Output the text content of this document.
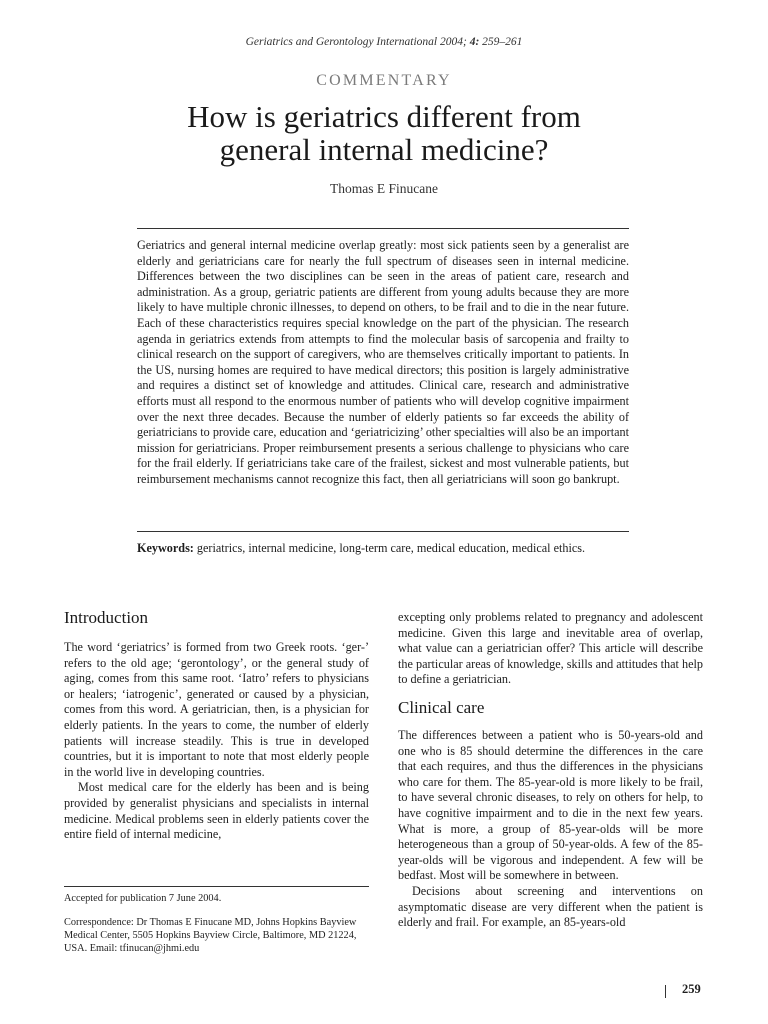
Geriatrics and Gerontology International 2004; 4: 259–261
COMMENTARY
How is geriatrics different from
general internal medicine?
Thomas E Finucane

Geriatrics and general internal medicine overlap greatly: most sick patients seen by a generalist are elderly and geriatricians care for nearly the full spectrum of diseases seen in internal medicine. Differences between the two disciplines can be seen in the areas of patient care, research and administration. As a group, geriatric patients are different from young adults because they are more likely to have multiple chronic illnesses, to depend on others, to be frail and to die in the near future. Each of these characteristics requires special knowledge on the part of the physician. The research agenda in geriatrics extends from attempts to find the molecular basis of sarcopenia and frailty to clinical research on the support of caregivers, who are themselves critically important to patients. In the US, nursing homes are required to have medical directors; this position is largely administrative and requires a distinct set of knowledge and attitudes. Clinical care, research and administrative efforts must all respond to the enormous number of patients who will develop cognitive impairment over the next three decades. Because the number of elderly patients so far exceeds the ability of geriatricians to provide care, education and ‘geriatricizing’ other specialties will also be an important mission for geriatricians. Proper reimbursement presents a serious challenge to physicians who care for the frail elderly. If geriatricians take care of the frailest, sickest and most vulnerable patients, but reimbursement mechanisms cannot recognize this fact, then all geriatricians will soon go bankrupt.

Keywords: geriatrics, internal medicine, long-term care, medical education, medical ethics.

Introduction

The word ‘geriatrics’ is formed from two Greek roots. ‘ger-’ refers to the old age; ‘gerontology’, or the general study of aging, comes from this same root. ‘Iatro’ refers to physicians or healers; ‘iatrogenic’, generated or caused by a physician, comes from this word. A geriatrician, then, is a physician for elderly patients. In the years to come, the number of elderly patients will increase steadily. This is true in developed countries, but it is important to note that most elderly people in the world live in developing countries.

Most medical care for the elderly has been and is being provided by generalist physicians and specialists in internal medicine. Medical problems seen in elderly patients cover the entire field of internal medicine,

excepting only problems related to pregnancy and adolescent medicine. Given this large and inevitable area of overlap, what value can a geriatrician offer? This article will describe the particular areas of knowledge, skills and attitudes that help to define a geriatrician.

Clinical care

The differences between a patient who is 50-years-old and one who is 85 should determine the differences in the care that each requires, and thus the differences in the physicians who care for them. The 85-year-old is more likely to be frail, to have several chronic diseases, to rely on others for help, to have cognitive impairment and to die in the next few years. What is more, a group of 85-year-olds will be more heterogeneous than a group of 50-year-olds. A few of the 85-year-olds will be vigorous and independent. A few will be bedfast. Most will be somewhere in between.

Decisions about screening and interventions on asymptomatic disease are very different when the patient is elderly and frail. For example, an 85-years-old

Accepted for publication 7 June 2004.

Correspondence: Dr Thomas E Finucane MD, Johns Hopkins Bayview Medical Center, 5505 Hopkins Bayview Circle, Baltimore, MD 21224, USA. Email: tfinucan@jhmi.edu

259
